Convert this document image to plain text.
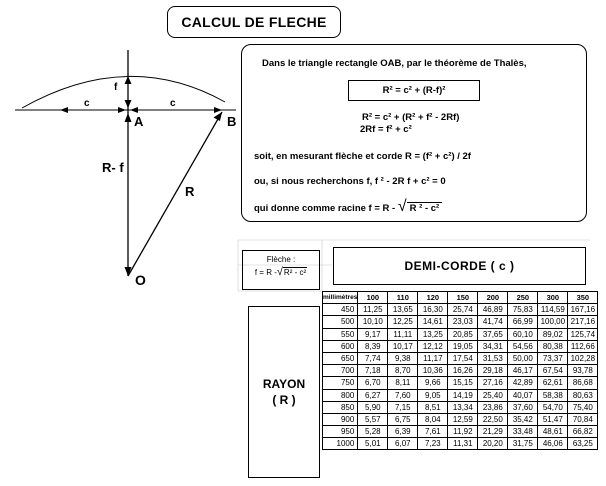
CALCUL DE FLECHE
f
c	c
A	B
R- f
R
O
Dans le triangle rectangle OAB, par le théorème de Thalès,
R² = c² + (R-f)²
R² = c² + (R² + f² - 2Rf)
2Rf = f² + c²
soit, en mesurant flèche et corde R = (f² + c²) / 2f
ou, si nous recherchons f, f ² - 2R f + c² = 0
qui donne comme racine f = R - √ R ² - c²
Flèche :
f = R -√R² - c²	DEMI-CORDE ( c )
RAYON
( R )
millimètres	100	110	120	150	200	250	300	350
450	11,25	13,65	16,30	25,74	46,89	75,83	114,59	167,16
500	10,10	12,25	14,61	23,03	41,74	66,99	100,00	217,16
550	9,17	11,11	13,25	20,85	37,65	60,10	89,02	125,74
600	8,39	10,17	12,12	19,05	34,31	54,56	80,38	112,66
650	7,74	9,38	11,17	17,54	31,53	50,00	73,37	102,28
700	7,18	8,70	10,36	16,26	29,18	46,17	67,54	93,78
750	6,70	8,11	9,66	15,15	27,16	42,89	62,61	86,68
800	6,27	7,60	9,05	14,19	25,40	40,07	58,38	80,63
850	5,90	7,15	8,51	13,34	23,86	37,60	54,70	75,40
900	5,57	6,75	8,04	12,59	22,50	35,42	51,47	70,84
950	5,28	6,39	7,61	11,92	21,29	33,48	48,61	66,82
1000	5,01	6,07	7,23	11,31	20,20	31,75	46,06	63,25
